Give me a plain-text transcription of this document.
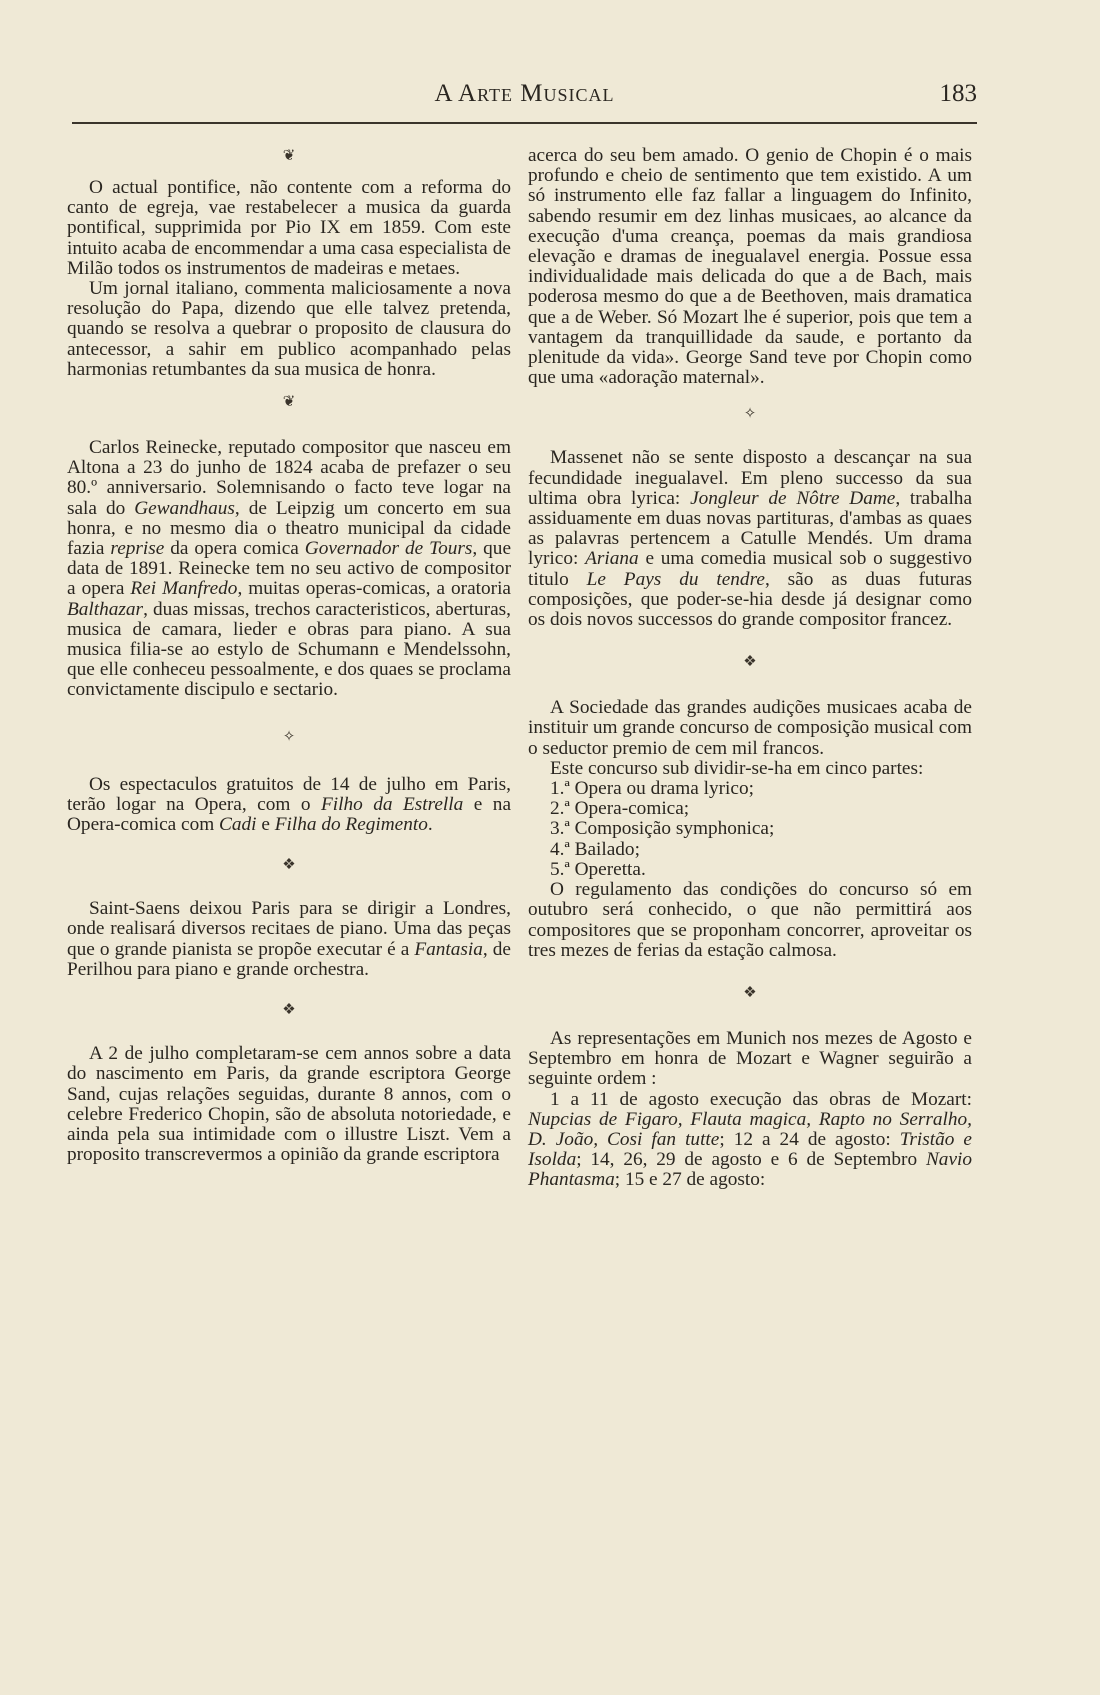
A Arte Musical	183
❦

O actual pontifice, não contente com a reforma do canto de egreja, vae restabelecer a musica da guarda pontifical, supprimida por Pio IX em 1859. Com este intuito acaba de encommendar a uma casa especialista de Milão todos os instrumentos de madeiras e metaes.

Um jornal italiano, commenta maliciosamente a nova resolução do Papa, dizendo que elle talvez pretenda, quando se resolva a quebrar o proposito de clausura do antecessor, a sahir em publico acompanhado pelas harmonias retumbantes da sua musica de honra.

❦

Carlos Reinecke, reputado compositor que nasceu em Altona a 23 do junho de 1824 acaba de prefazer o seu 80.º anniversario. Solemnisando o facto teve logar na sala do Gewandhaus, de Leipzig um concerto em sua honra, e no mesmo dia o theatro municipal da cidade fazia reprise da opera comica Governador de Tours, que data de 1891. Reinecke tem no seu activo de compositor a opera Rei Manfredo, muitas operas-comicas, a oratoria Balthazar, duas missas, trechos caracteristicos, aberturas, musica de camara, lieder e obras para piano. A sua musica filia-se ao estylo de Schumann e Mendelssohn, que elle conheceu pessoalmente, e dos quaes se proclama convictamente discipulo e sectario.

✧

Os espectaculos gratuitos de 14 de julho em Paris, terão logar na Opera, com o Filho da Estrella e na Opera-comica com Cadi e Filha do Regimento.

❖

Saint-Saens deixou Paris para se dirigir a Londres, onde realisará diversos recitaes de piano. Uma das peças que o grande pianista se propõe executar é a Fantasia, de Perilhou para piano e grande orchestra.

❖

A 2 de julho completaram-se cem annos sobre a data do nascimento em Paris, da grande escriptora George Sand, cujas relações seguidas, durante 8 annos, com o celebre Frederico Chopin, são de absoluta notoriedade, e ainda pela sua intimidade com o illustre Liszt. Vem a proposito transcrevermos a opinião da grande escriptora

acerca do seu bem amado. O genio de Chopin é o mais profundo e cheio de sentimento que tem existido. A um só instrumento elle faz fallar a linguagem do Infinito, sabendo resumir em dez linhas musicaes, ao alcance da execução d'uma creança, poemas da mais grandiosa elevação e dramas de inegualavel energia. Possue essa individualidade mais delicada do que a de Bach, mais poderosa mesmo do que a de Beethoven, mais dramatica que a de Weber. Só Mozart lhe é superior, pois que tem a vantagem da tranquillidade da saude, e portanto da plenitude da vida». George Sand teve por Chopin como que uma «adoração maternal».

✧

Massenet não se sente disposto a descançar na sua fecundidade inegualavel. Em pleno successo da sua ultima obra lyrica: Jongleur de Nôtre Dame, trabalha assiduamente em duas novas partituras, d'ambas as quaes as palavras pertencem a Catulle Mendés. Um drama lyrico: Ariana e uma comedia musical sob o suggestivo titulo Le Pays du tendre, são as duas futuras composições, que poder-se-hia desde já designar como os dois novos successos do grande compositor francez.

❖

A Sociedade das grandes audições musicaes acaba de instituir um grande concurso de composição musical com o seductor premio de cem mil francos.

Este concurso sub dividir-se-ha em cinco partes:

1.ª Opera ou drama lyrico;

2.ª Opera-comica;

3.ª Composição symphonica;

4.ª Bailado;

5.ª Operetta.

O regulamento das condições do concurso só em outubro será conhecido, o que não permittirá aos compositores que se proponham concorrer, aproveitar os tres mezes de ferias da estação calmosa.

❖

As representações em Munich nos mezes de Agosto e Septembro em honra de Mozart e Wagner seguirão a seguinte ordem :

1 a 11 de agosto execução das obras de Mozart: Nupcias de Figaro, Flauta magica, Rapto no Serralho, D. João, Cosi fan tutte; 12 a 24 de agosto: Tristão e Isolda; 14, 26, 29 de agosto e 6 de Septembro Navio Phantasma; 15 e 27 de agosto:
